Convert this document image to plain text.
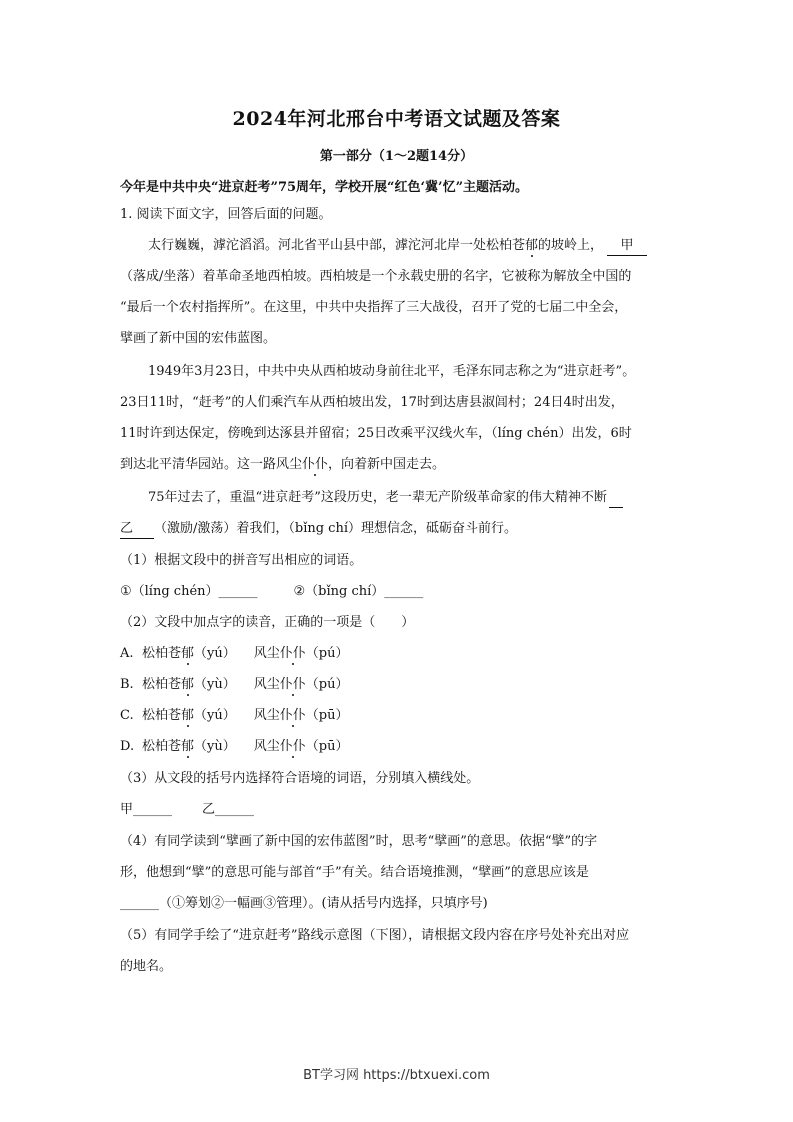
2024年河北邢台中考语文试题及答案
第一部分（1～2题14分）
今年是中共中央“进京赶考”75周年，学校开展“红色‘冀’忆”主题活动。
1. 阅读下面文字，回答后面的问题。
太行巍巍，滹沱滔滔。河北省平山县中部，滹沱河北岸一处松柏苍郁的坡岭上， 甲
（落成/坐落）着革命圣地西柏坡。西柏坡是一个永载史册的名字，它被称为解放全中国的
“最后一个农村指挥所”。在这里，中共中央指挥了三大战役，召开了党的七届二中全会，
擘画了新中国的宏伟蓝图。
1949年3月23日，中共中央从西柏坡动身前往北平，毛泽东同志称之为“进京赶考”。
23日11时，“赶考”的人们乘汽车从西柏坡出发，17时到达唐县淑闾村；24日4时出发，
11时许到达保定，傍晚到达涿县并留宿；25日改乘平汉线火车，（líng chén）出发，6时
到达北平清华园站。这一路风尘仆仆，向着新中国走去。
75年过去了，重温“进京赶考”这段历史，老一辈无产阶级革命家的伟大精神不断
乙 （激励/激荡）着我们，（bǐng chí）理想信念，砥砺奋斗前行。
（1）根据文段中的拼音写出相应的词语。
①（líng chén）______	②（bǐng chí）______
（2）文段中加点字的读音，正确的一项是（　　）
A. 松柏苍郁（yú） 风尘仆仆（pú）
B. 松柏苍郁（yù） 风尘仆仆（pú）
C. 松柏苍郁（yú） 风尘仆仆（pū）
D. 松柏苍郁（yù） 风尘仆仆（pū）
（3）从文段的括号内选择符合语境的词语，分别填入横线处。
甲______ 乙______
（4）有同学读到“擘画了新中国的宏伟蓝图”时，思考“擘画”的意思。依据“擘”的字
形，他想到“擘”的意思可能与部首“手”有关。结合语境推测，“擘画”的意思应该是
______（①筹划②一幅画③管理）。(请从括号内选择，只填序号)
（5）有同学手绘了“进京赶考”路线示意图（下图），请根据文段内容在序号处补充出对应
的地名。
BT学习网 https://btxuexi.com
